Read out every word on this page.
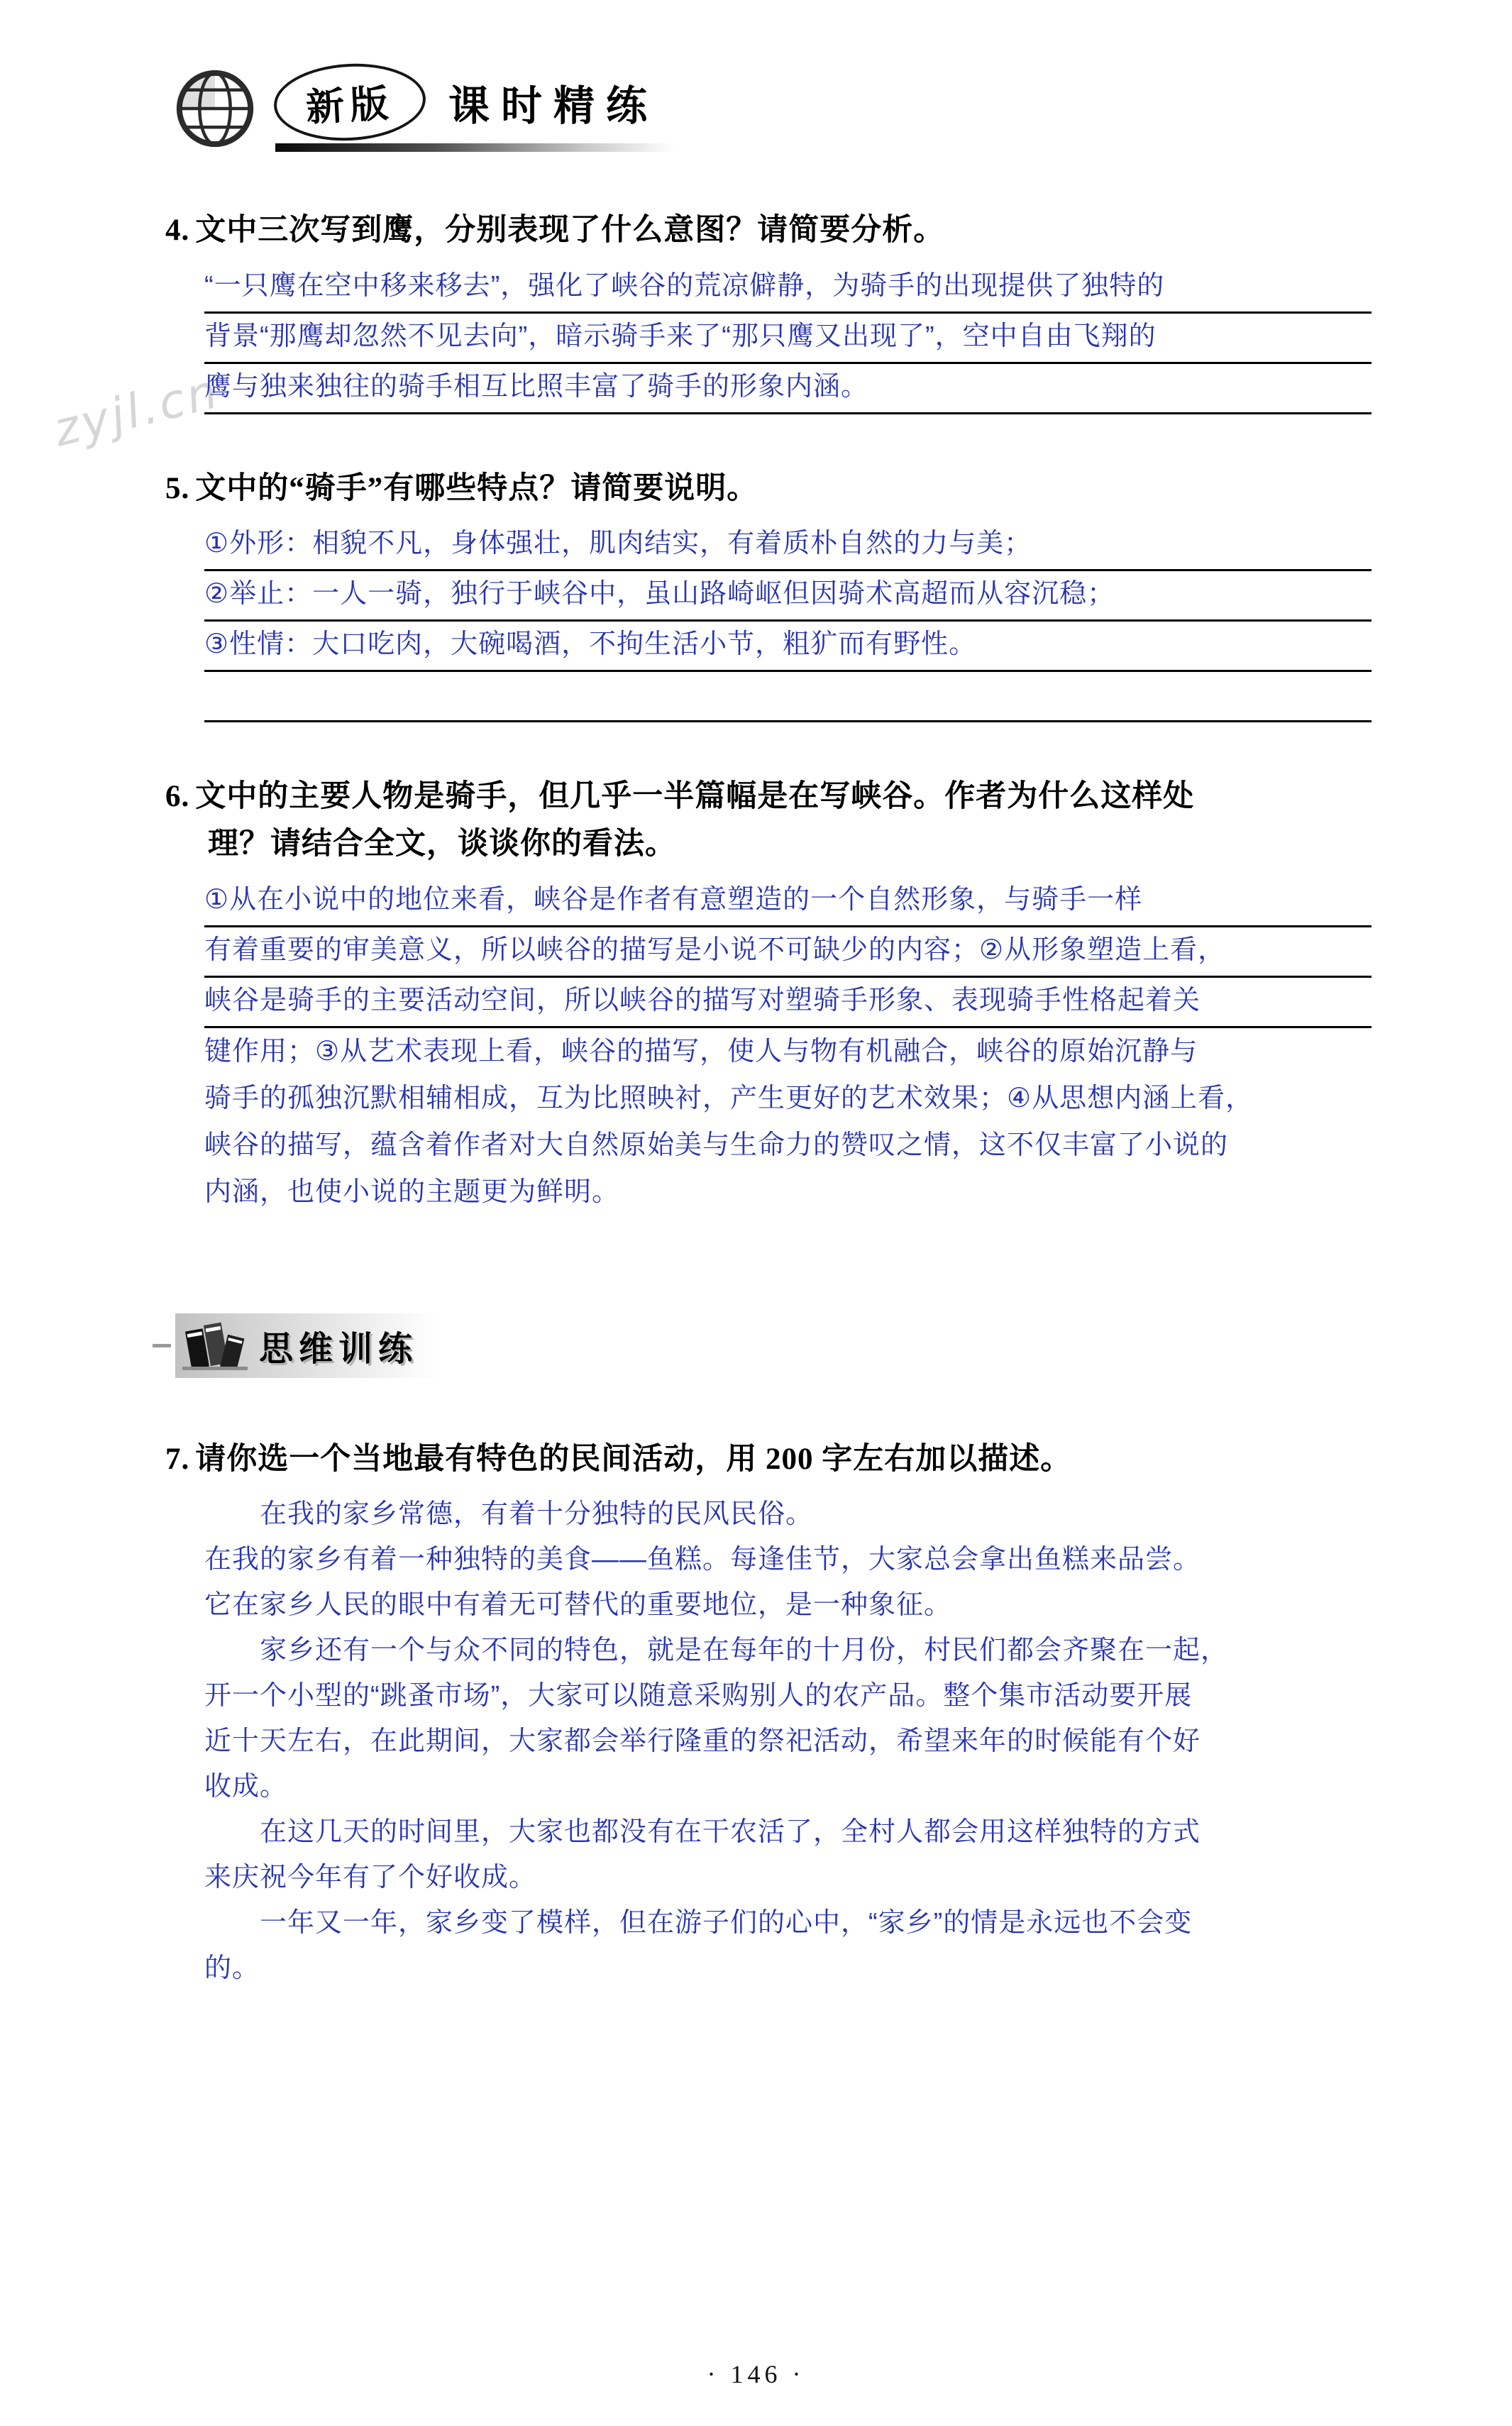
新版 课时精练
zyjl.cn
4. 文中三次写到鹰，分别表现了什么意图？请简要分析。
“一只鹰在空中移来移去”，强化了峡谷的荒凉僻静，为骑手的出现提供了独特的
背景“那鹰却忽然不见去向”，暗示骑手来了“那只鹰又出现了”，空中自由飞翔的
鹰与独来独往的骑手相互比照丰富了骑手的形象内涵。
5. 文中的“骑手”有哪些特点？请简要说明。
①外形：相貌不凡，身体强壮，肌肉结实，有着质朴自然的力与美；
②举止：一人一骑，独行于峡谷中，虽山路崎岖但因骑术高超而从容沉稳；
③性情：大口吃肉，大碗喝酒，不拘生活小节，粗犷而有野性。
6. 文中的主要人物是骑手，但几乎一半篇幅是在写峡谷。作者为什么这样处
理？请结合全文，谈谈你的看法。
①从在小说中的地位来看，峡谷是作者有意塑造的一个自然形象，与骑手一样
有着重要的审美意义，所以峡谷的描写是小说不可缺少的内容；②从形象塑造上看，
峡谷是骑手的主要活动空间，所以峡谷的描写对塑骑手形象、表现骑手性格起着关
键作用；③从艺术表现上看，峡谷的描写，使人与物有机融合，峡谷的原始沉静与
骑手的孤独沉默相辅相成，互为比照映衬，产生更好的艺术效果；④从思想内涵上看，
峡谷的描写，蕴含着作者对大自然原始美与生命力的赞叹之情，这不仅丰富了小说的
内涵，也使小说的主题更为鲜明。
思维训练
7. 请你选一个当地最有特色的民间活动，用 200 字左右加以描述。
　　在我的家乡常德，有着十分独特的民风民俗。
在我的家乡有着一种独特的美食——鱼糕。每逢佳节，大家总会拿出鱼糕来品尝。
它在家乡人民的眼中有着无可替代的重要地位，是一种象征。
　　家乡还有一个与众不同的特色，就是在每年的十月份，村民们都会齐聚在一起，
开一个小型的“跳蚤市场”，大家可以随意采购别人的农产品。整个集市活动要开展
近十天左右，在此期间，大家都会举行隆重的祭祀活动，希望来年的时候能有个好
收成。
　　在这几天的时间里，大家也都没有在干农活了，全村人都会用这样独特的方式
来庆祝今年有了个好收成。
　　一年又一年，家乡变了模样，但在游子们的心中，“家乡”的情是永远也不会变
的。
· 146 ·
